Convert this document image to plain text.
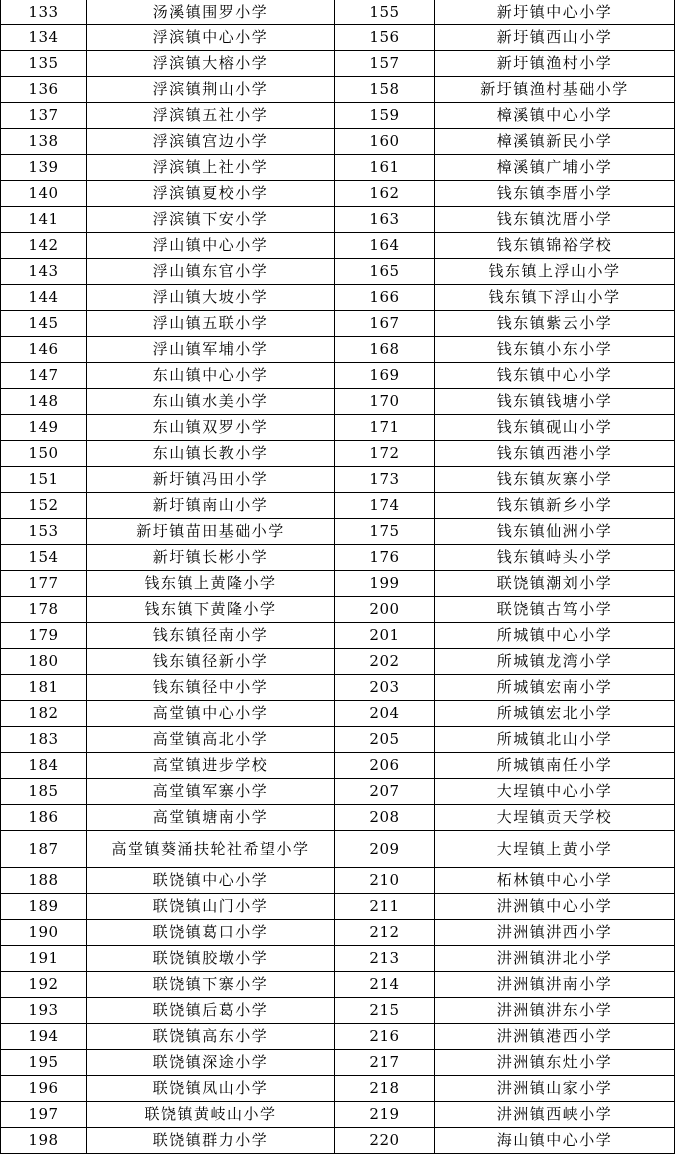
133	汤溪镇围罗小学	155	新圩镇中心小学
134	浮滨镇中心小学	156	新圩镇西山小学
135	浮滨镇大榕小学	157	新圩镇渔村小学
136	浮滨镇荆山小学	158	新圩镇渔村基础小学
137	浮滨镇五社小学	159	樟溪镇中心小学
138	浮滨镇宫边小学	160	樟溪镇新民小学
139	浮滨镇上社小学	161	樟溪镇广埔小学
140	浮滨镇夏校小学	162	钱东镇李厝小学
141	浮滨镇下安小学	163	钱东镇沈厝小学
142	浮山镇中心小学	164	钱东镇锦裕学校
143	浮山镇东官小学	165	钱东镇上浮山小学
144	浮山镇大坡小学	166	钱东镇下浮山小学
145	浮山镇五联小学	167	钱东镇紫云小学
146	浮山镇军埔小学	168	钱东镇小东小学
147	东山镇中心小学	169	钱东镇中心小学
148	东山镇水美小学	170	钱东镇钱塘小学
149	东山镇双罗小学	171	钱东镇砚山小学
150	东山镇长教小学	172	钱东镇西港小学
151	新圩镇冯田小学	173	钱东镇灰寨小学
152	新圩镇南山小学	174	钱东镇新乡小学
153	新圩镇苗田基础小学	175	钱东镇仙洲小学
154	新圩镇长彬小学	176	钱东镇峙头小学
177	钱东镇上黄隆小学	199	联饶镇潮刘小学
178	钱东镇下黄隆小学	200	联饶镇古笃小学
179	钱东镇径南小学	201	所城镇中心小学
180	钱东镇径新小学	202	所城镇龙湾小学
181	钱东镇径中小学	203	所城镇宏南小学
182	高堂镇中心小学	204	所城镇宏北小学
183	高堂镇高北小学	205	所城镇北山小学
184	高堂镇进步学校	206	所城镇南任小学
185	高堂镇军寨小学	207	大埕镇中心小学
186	高堂镇塘南小学	208	大埕镇贡天学校
187	高堂镇葵涌扶轮社希望小学	209	大埕镇上黄小学
188	联饶镇中心小学	210	柘林镇中心小学
189	联饶镇山门小学	211	汫洲镇中心小学
190	联饶镇葛口小学	212	汫洲镇汫西小学
191	联饶镇胶墩小学	213	汫洲镇汫北小学
192	联饶镇下寨小学	214	汫洲镇汫南小学
193	联饶镇后葛小学	215	汫洲镇汫东小学
194	联饶镇高东小学	216	汫洲镇港西小学
195	联饶镇深途小学	217	汫洲镇东灶小学
196	联饶镇凤山小学	218	汫洲镇山家小学
197	联饶镇黄岐山小学	219	汫洲镇西峡小学
198	联饶镇群力小学	220	海山镇中心小学
